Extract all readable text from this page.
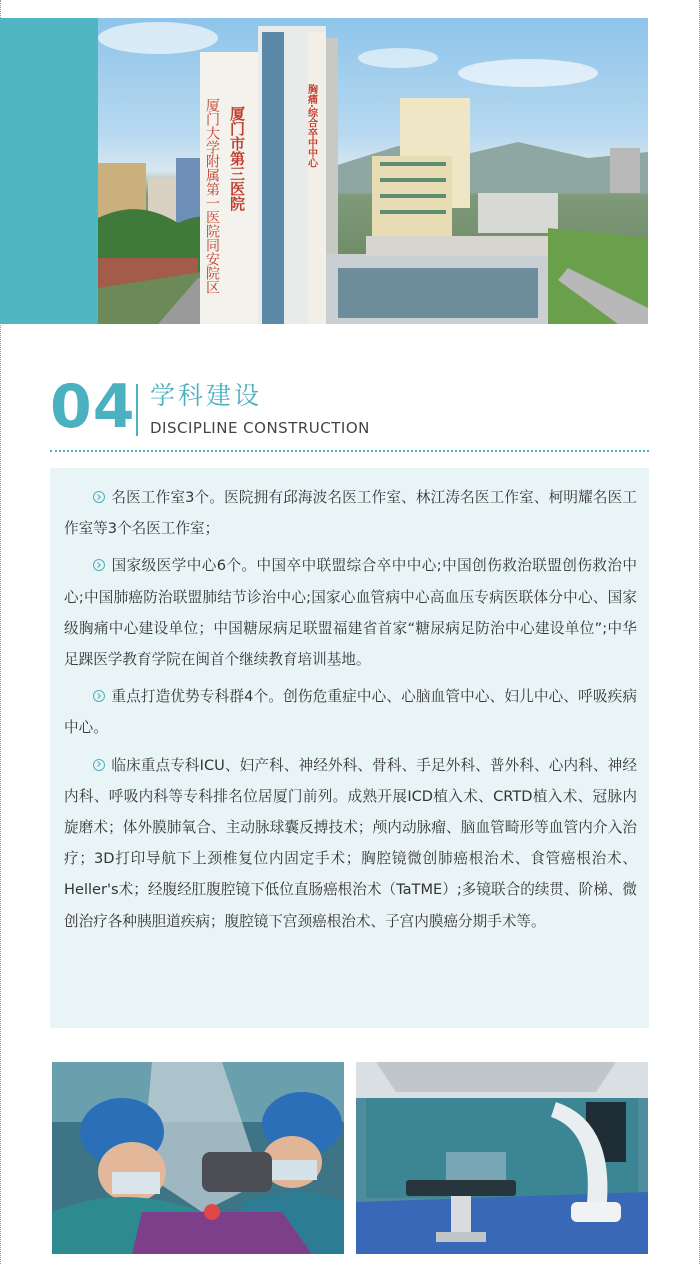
厦门大学附属第一医院同安院区 厦门市第三医院	胸痛·综合卒中中心
04 学科建设
DISCIPLINE CONSTRUCTION

名医工作室3个。医院拥有邱海波名医工作室、林江涛名医工作室、柯明耀名医工作室等3个名医工作室；

国家级医学中心6个。中国卒中联盟综合卒中中心;中国创伤救治联盟创伤救治中心;中国肺癌防治联盟肺结节诊治中心;国家心血管病中心高血压专病医联体分中心、国家级胸痛中心建设单位；中国糖尿病足联盟福建省首家“糖尿病足防治中心建设单位”;中华足踝医学教育学院在闽首个继续教育培训基地。

重点打造优势专科群4个。创伤危重症中心、心脑血管中心、妇儿中心、呼吸疾病中心。

临床重点专科ICU、妇产科、神经外科、骨科、手足外科、普外科、心内科、神经内科、呼吸内科等专科排名位居厦门前列。成熟开展ICD植入术、CRTD植入术、冠脉内旋磨术；体外膜肺氧合、主动脉球囊反搏技术；颅内动脉瘤、脑血管畸形等血管内介入治疗；3D打印导航下上颈椎复位内固定手术；胸腔镜微创肺癌根治术、食管癌根治术、Heller's术；经腹经肛腹腔镜下低位直肠癌根治术（TaTME）;多镜联合的续贯、阶梯、微创治疗各种胰胆道疾病；腹腔镜下宫颈癌根治术、子宫内膜癌分期手术等。
